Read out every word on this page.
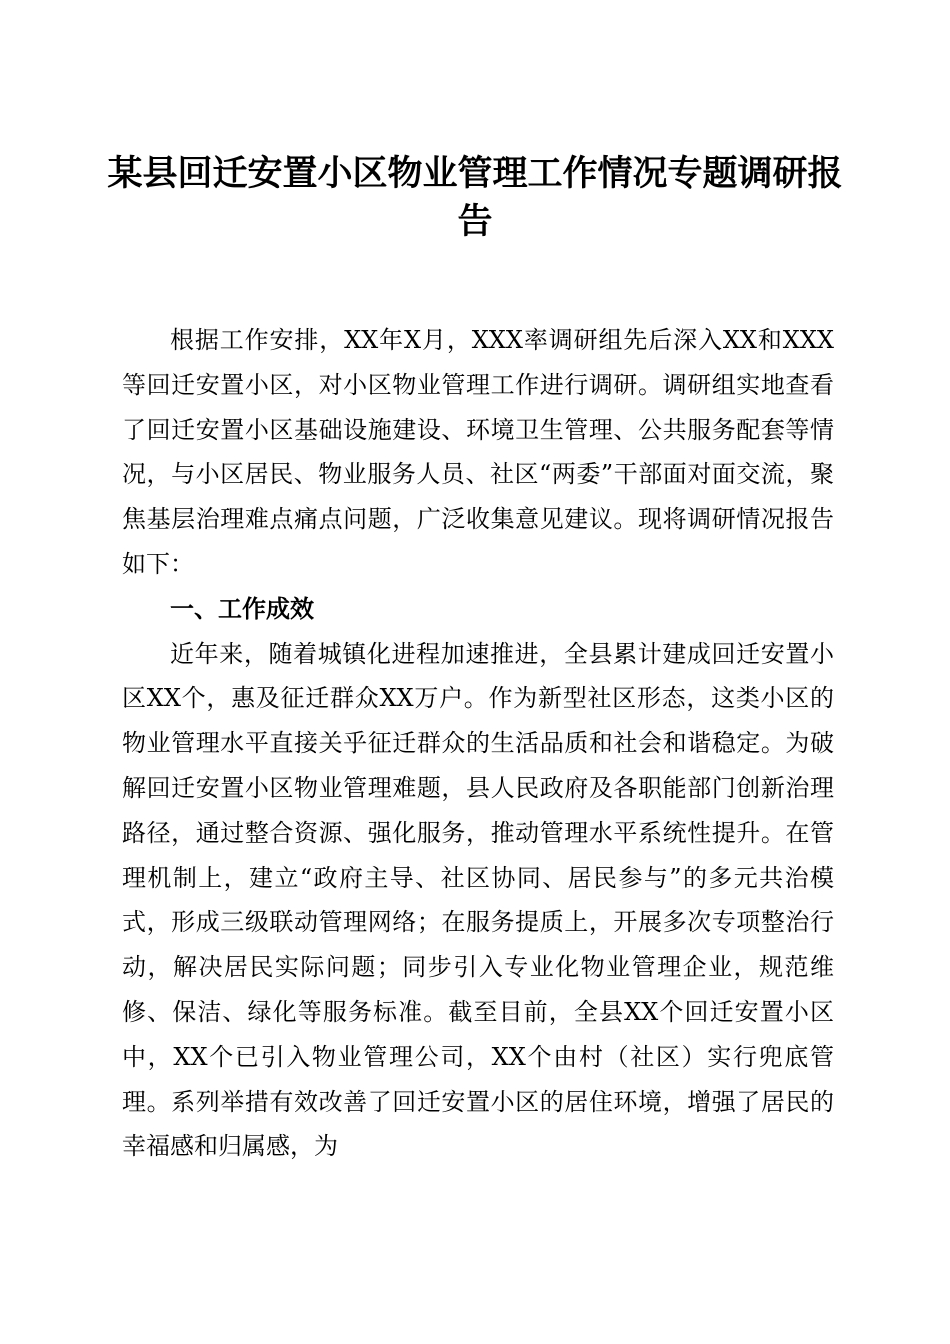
某县回迁安置小区物业管理工作情况专题调研报告

根据工作安排，XX年X月，XXX率调研组先后深入XX和XXX等回迁安置小区，对小区物业管理工作进行调研。调研组实地查看了回迁安置小区基础设施建设、环境卫生管理、公共服务配套等情况，与小区居民、物业服务人员、社区“两委”干部面对面交流，聚焦基层治理难点痛点问题，广泛收集意见建议。现将调研情况报告如下：

一、工作成效

近年来，随着城镇化进程加速推进，全县累计建成回迁安置小区XX个，惠及征迁群众XX万户。作为新型社区形态，这类小区的物业管理水平直接关乎征迁群众的生活品质和社会和谐稳定。为破解回迁安置小区物业管理难题，县人民政府及各职能部门创新治理路径，通过整合资源、强化服务，推动管理水平系统性提升。在管理机制上，建立“政府主导、社区协同、居民参与”的多元共治模式，形成三级联动管理网络；在服务提质上，开展多次专项整治行动，解决居民实际问题；同步引入专业化物业管理企业，规范维修、保洁、绿化等服务标准。截至目前，全县XX个回迁安置小区中，XX个已引入物业管理公司，XX个由村（社区）实行兜底管理。系列举措有效改善了回迁安置小区的居住环境，增强了居民的幸福感和归属感，为
